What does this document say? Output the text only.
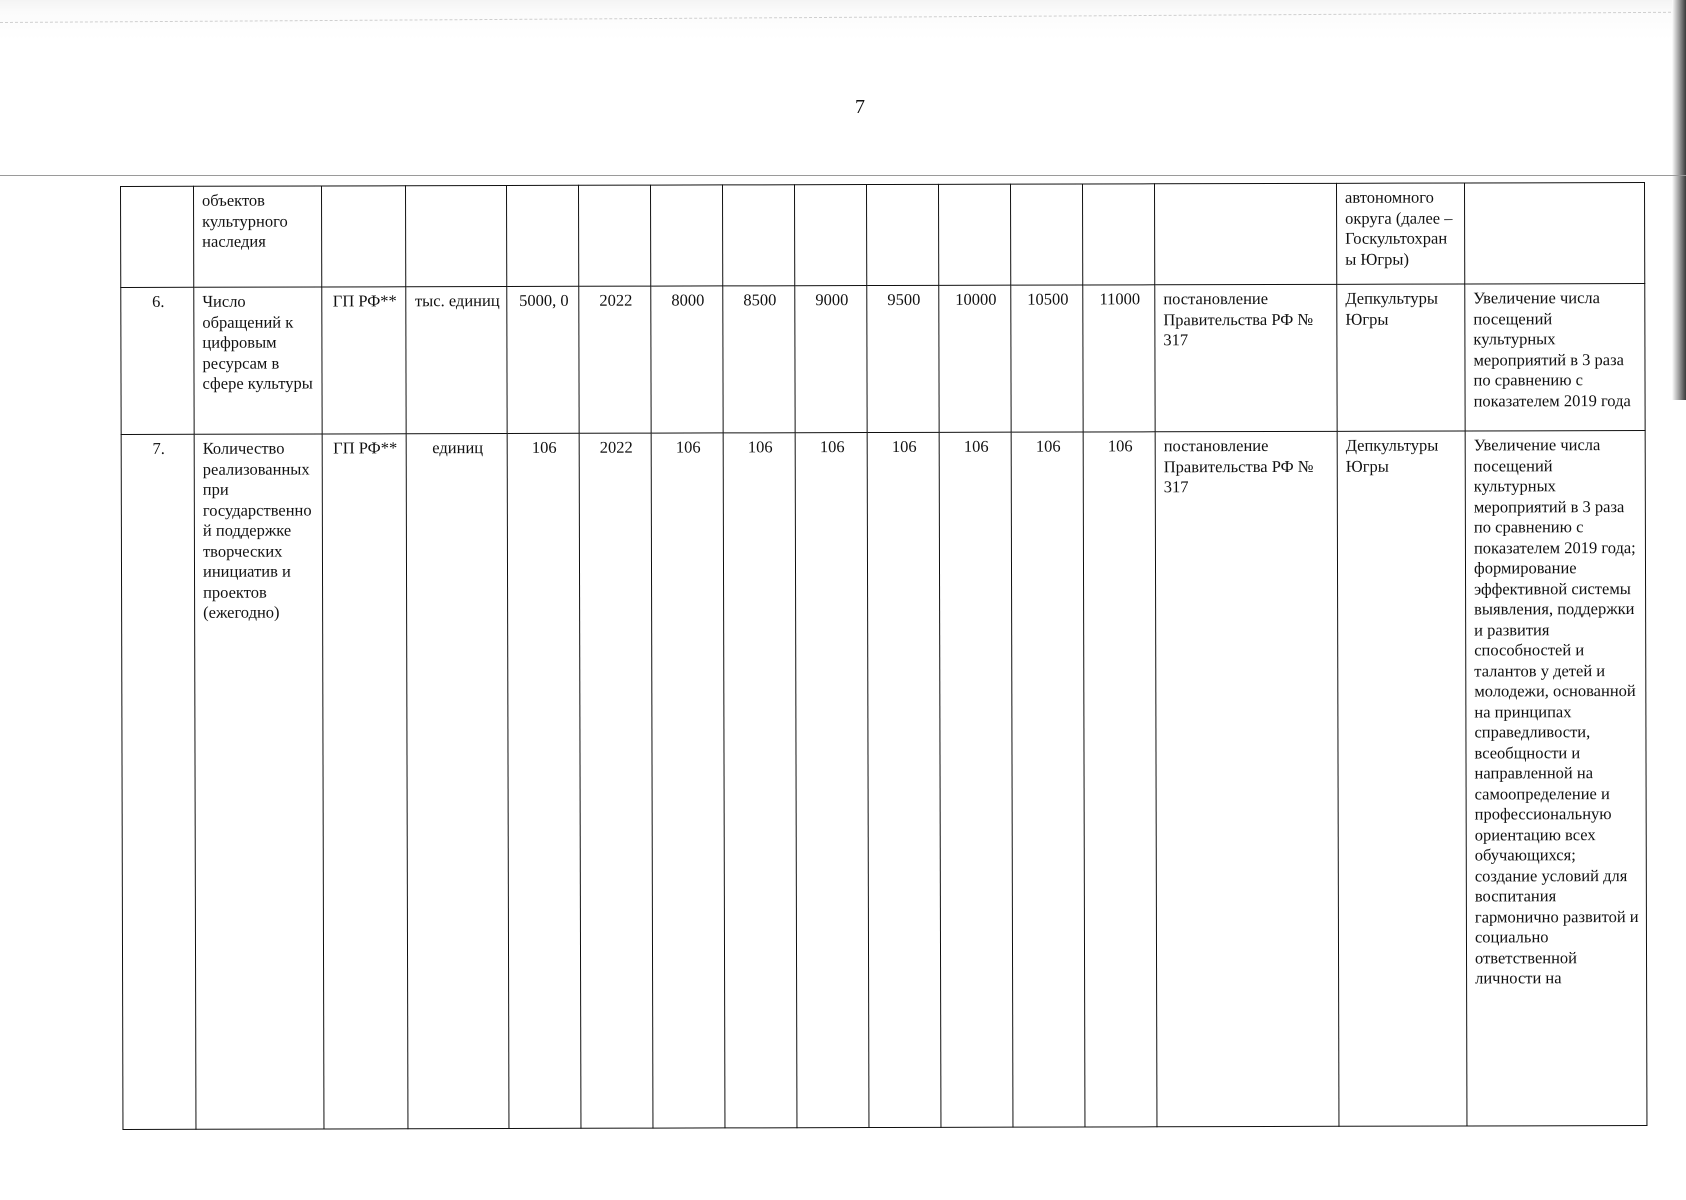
7
	объектов культурного наследия													автономного округа (далее – Госкультохраны Югры)	
6.	Число обращений к цифровым ресурсам в сфере культуры	ГП РФ**	тыс. единиц	5000, 0	2022	8000	8500	9000	9500	10000	10500	11000	постановление Правительства РФ № 317	Депкультуры Югры	Увеличение числа посещений культурных мероприятий в 3 раза по сравнению с показателем 2019 года
7.	Количество реализованных при государственной поддержке творческих инициатив и проектов (ежегодно)	ГП РФ**	единиц	106	2022	106	106	106	106	106	106	106	постановление Правительства РФ № 317	Депкультуры Югры	Увеличение числа посещений культурных мероприятий в 3 раза по сравнению с показателем 2019 года; формирование эффективной системы выявления, поддержки и развития способностей и талантов у детей и молодежи, основанной на принципах справедливости, всеобщности и направленной на самоопределение и профессиональную ориентацию всех обучающихся; создание условий для воспитания гармонично развитой и социально ответственной личности на
